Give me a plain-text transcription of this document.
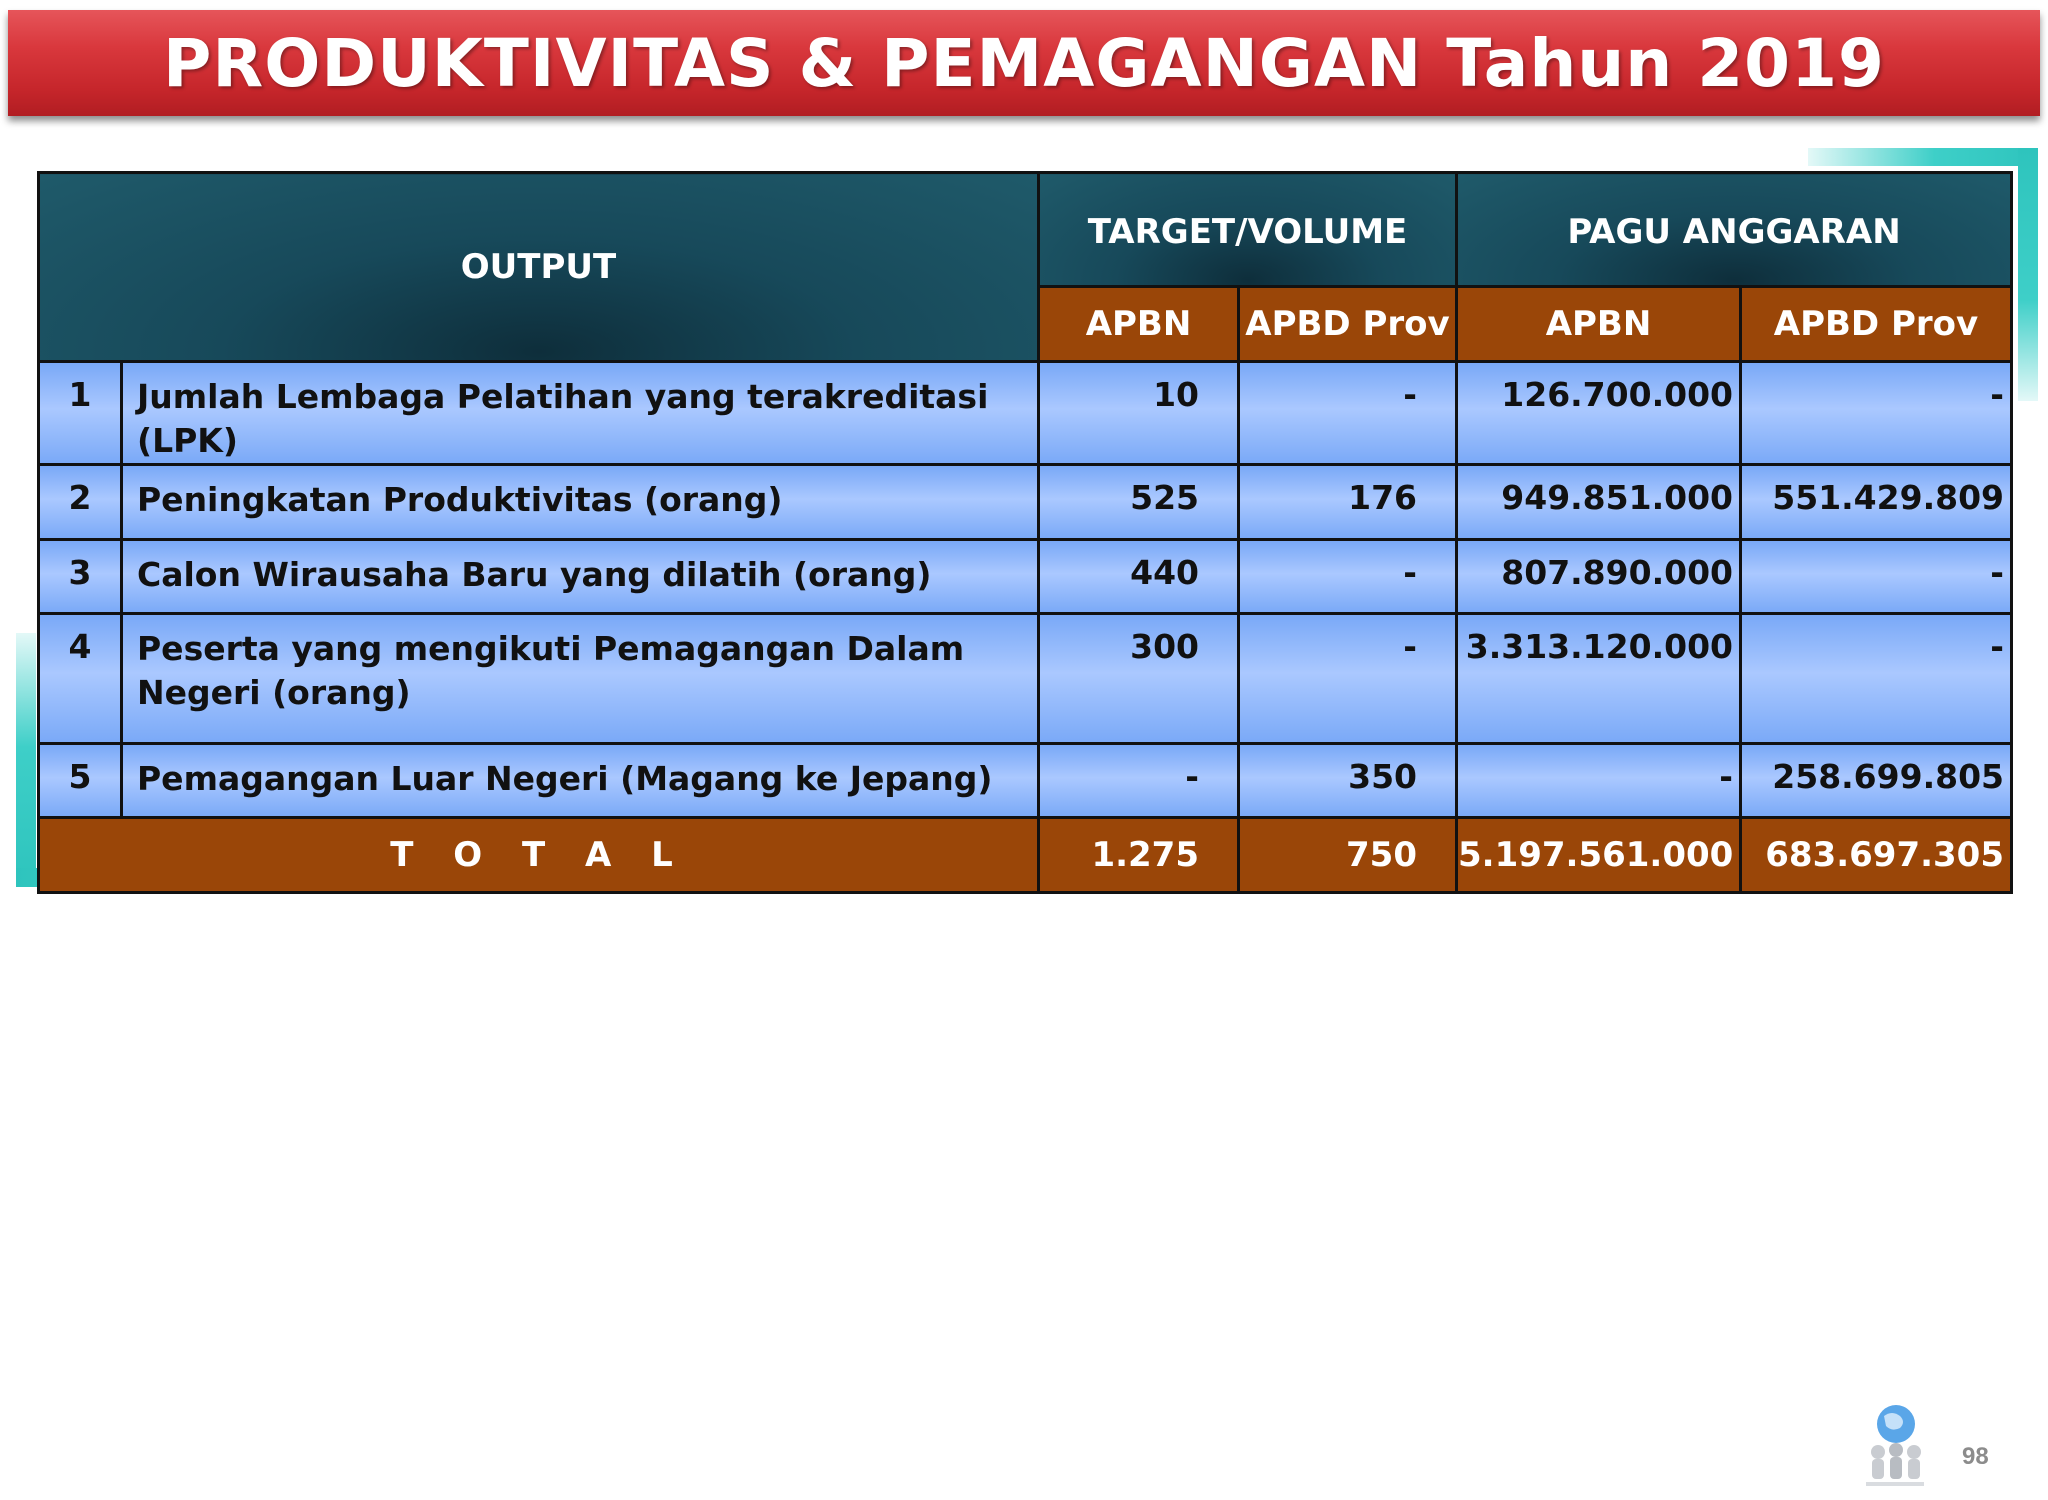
PRODUKTIVITAS & PEMAGANGAN Tahun 2019
OUTPUT		TARGET/VOLUME		PAGU ANGGARAN	
		APBN	APBD Prov	APBN	APBD Prov
1	Jumlah Lembaga Pelatihan yang terakreditasi (LPK)	10	-	126.700.000	-
2	Peningkatan Produktivitas (orang)	525	176	949.851.000	551.429.809
3	Calon Wirausaha Baru yang dilatih (orang)	440	-	807.890.000	-
4	Peserta yang mengikuti Pemagangan Dalam Negeri (orang)	300	-	3.313.120.000	-
5	Pemagangan Luar Negeri (Magang ke Jepang)	-	350	-	258.699.805
T O T A L		1.275	750	5.197.561.000	683.697.305
98
